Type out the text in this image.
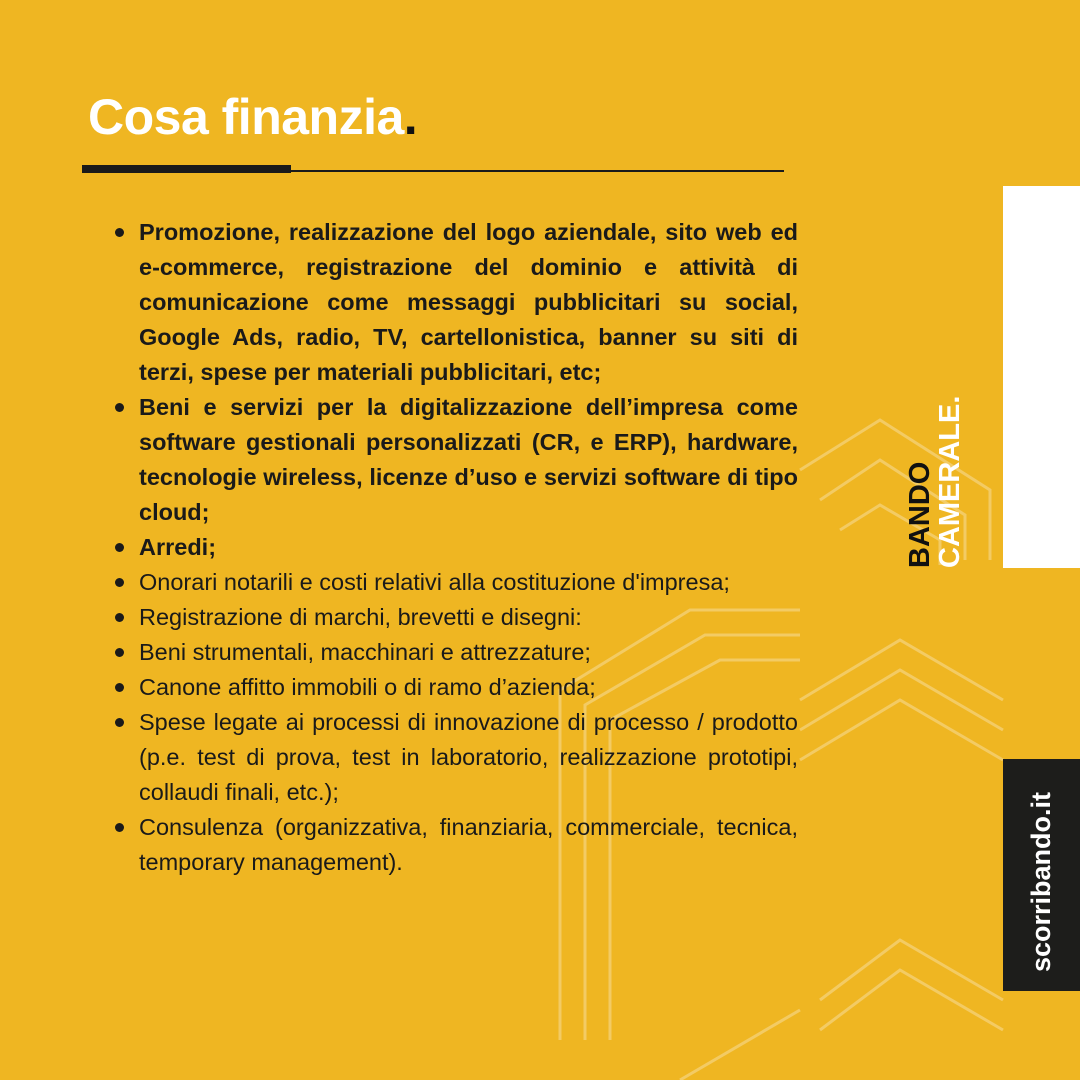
Cosa finanzia.
Promozione, realizzazione del logo aziendale, sito web ed e-commerce, registrazione del dominio e attività di comunicazione come messaggi pubblicitari su social, Google Ads, radio, TV, cartellonistica, banner su siti di terzi, spese per materiali pubblicitari, etc;
Beni e servizi per la digitalizzazione dell’impresa come software gestionali personalizzati (CR, e ERP), hardware, tecnologie wireless, licenze d’uso e servizi software di tipo cloud;
Arredi;
Onorari notarili e costi relativi alla costituzione d'impresa;
Registrazione di marchi, brevetti e disegni:
Beni strumentali, macchinari e attrezzature;
Canone affitto immobili o di ramo d’azienda;
Spese legate ai processi di innovazione di processo / prodotto (p.e. test di prova, test in laboratorio, realizzazione prototipi, collaudi finali, etc.);
Consulenza (organizzativa, finanziaria, commerciale, tecnica, temporary management).
BANDO
CAMERALE.
scorribando.it
